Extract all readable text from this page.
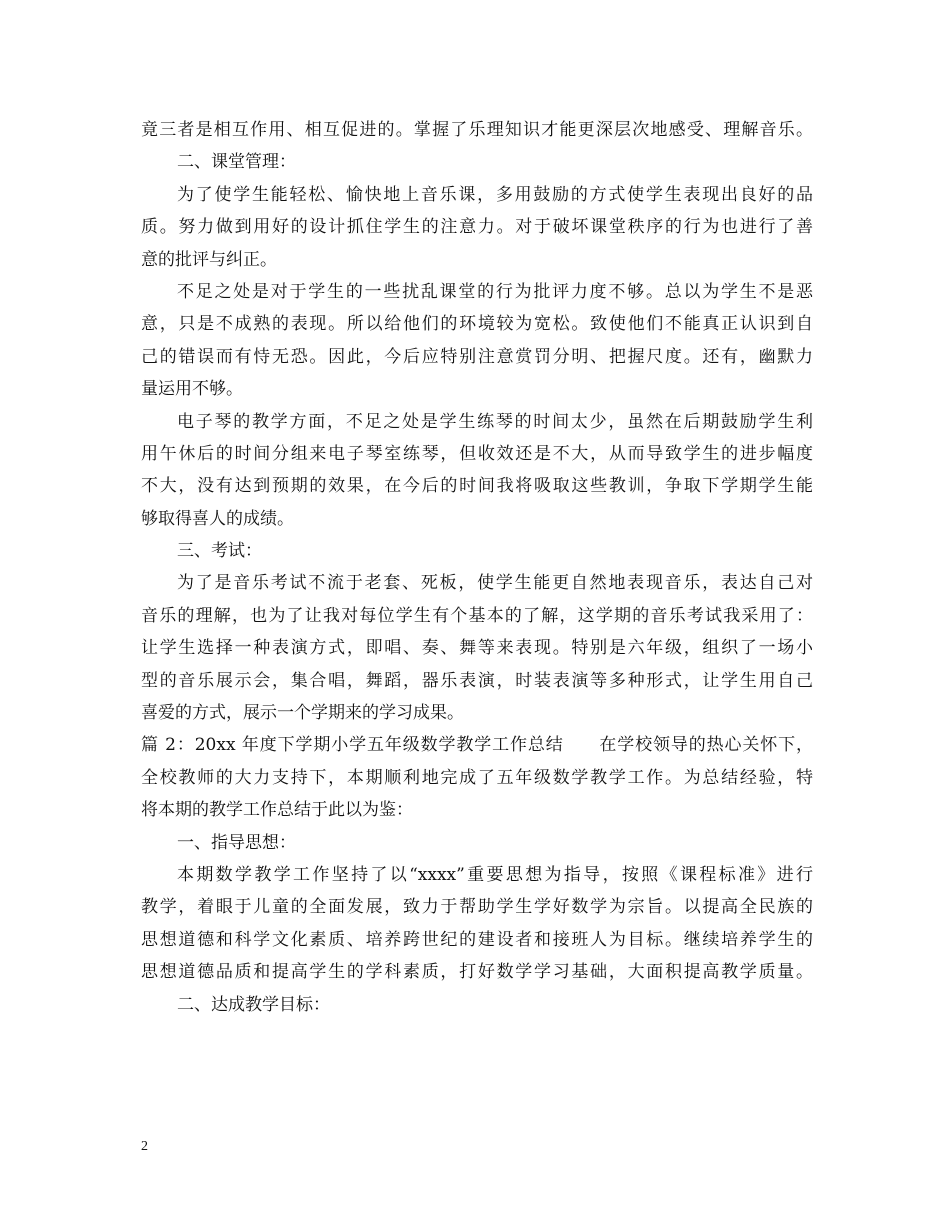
竟三者是相互作用、相互促进的。掌握了乐理知识才能更深层次地感受、理解音乐。
二、课堂管理：
为了使学生能轻松、愉快地上音乐课，多用鼓励的方式使学生表现出良好的品
质。努力做到用好的设计抓住学生的注意力。对于破坏课堂秩序的行为也进行了善
意的批评与纠正。
不足之处是对于学生的一些扰乱课堂的行为批评力度不够。总以为学生不是恶
意，只是不成熟的表现。所以给他们的环境较为宽松。致使他们不能真正认识到自
己的错误而有恃无恐。因此，今后应特别注意赏罚分明、把握尺度。还有，幽默力
量运用不够。
电子琴的教学方面，不足之处是学生练琴的时间太少，虽然在后期鼓励学生利
用午休后的时间分组来电子琴室练琴，但收效还是不大，从而导致学生的进步幅度
不大，没有达到预期的效果，在今后的时间我将吸取这些教训，争取下学期学生能
够取得喜人的成绩。
三、考试：
为了是音乐考试不流于老套、死板，使学生能更自然地表现音乐，表达自己对
音乐的理解，也为了让我对每位学生有个基本的了解，这学期的音乐考试我采用了：
让学生选择一种表演方式，即唱、奏、舞等来表现。特别是六年级，组织了一场小
型的音乐展示会，集合唱，舞蹈，器乐表演，时装表演等多种形式，让学生用自己
喜爱的方式，展示一个学期来的学习成果。
篇 2：20xx 年度下学期小学五年级数学教学工作总结　　在学校领导的热心关怀下，
全校教师的大力支持下，本期顺利地完成了五年级数学教学工作。为总结经验，特
将本期的教学工作总结于此以为鉴：
一、指导思想：
本期数学教学工作坚持了以“xxxx”重要思想为指导，按照《课程标准》进行
教学，着眼于儿童的全面发展，致力于帮助学生学好数学为宗旨。以提高全民族的
思想道德和科学文化素质、培养跨世纪的建设者和接班人为目标。继续培养学生的
思想道德品质和提高学生的学科素质，打好数学学习基础，大面积提高教学质量。
二、达成教学目标：
2
